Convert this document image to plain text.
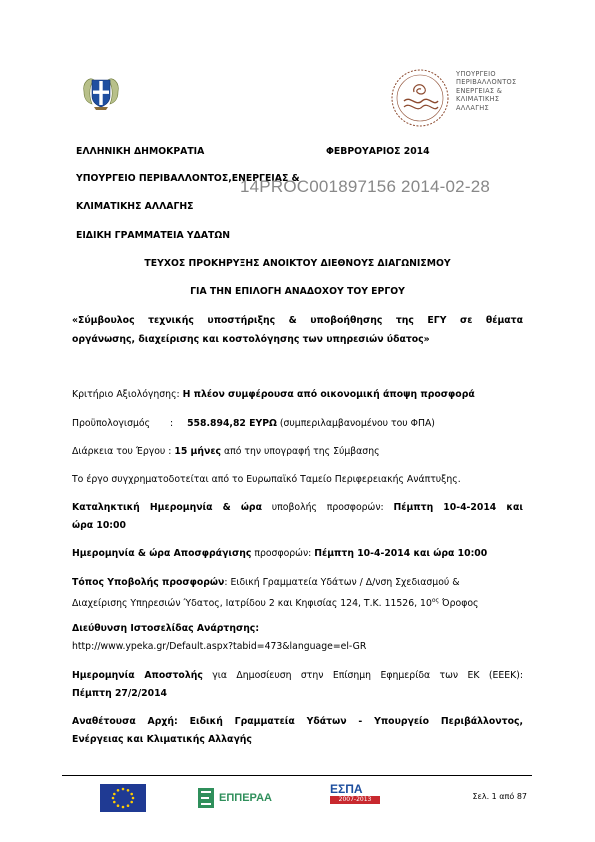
ΥΠΟΥΡΓΕΙΟ
ΠΕΡΙΒΑΛΛΟΝΤΟΣ
ΕΝΕΡΓΕΙΑΣ &
ΚΛΙΜΑΤΙΚΗΣ
ΑΛΛΑΓΗΣ
ΕΛΛΗΝΙΚΗ ΔΗΜΟΚΡΑΤΙΑ	ΦΕΒΡΟΥΑΡΙΟΣ 2014
ΥΠΟΥΡΓΕΙΟ ΠΕΡΙΒΑΛΛΟΝΤΟΣ,ΕΝΕΡΓΕΙΑΣ &
14PROC001897156 2014-02-28
ΚΛΙΜΑΤΙΚΗΣ ΑΛΛΑΓΗΣ
ΕΙΔΙΚΗ ΓΡΑΜΜΑΤΕΙΑ ΥΔΑΤΩΝ
ΤΕΥΧΟΣ ΠΡΟΚΗΡΥΞΗΣ ΑΝΟΙΚΤΟΥ ΔΙΕΘΝΟΥΣ ΔΙΑΓΩΝΙΣΜΟΥ
ΓΙΑ ΤΗΝ ΕΠΙΛΟΓΗ ΑΝΑΔΟΧΟΥ ΤΟΥ ΕΡΓΟΥ
«Σύμβουλος τεχνικής υποστήριξης & υποβοήθησης της ΕΓΥ σε θέματα
οργάνωσης, διαχείρισης και κοστολόγησης των υπηρεσιών ύδατος»
Κριτήριο Αξιολόγησης: Η πλέον συμφέρουσα από οικονομική άποψη προσφορά
Προϋπολογισμός : 558.894,82 ΕΥΡΩ (συμπεριλαμβανομένου του ΦΠΑ)
Διάρκεια του Έργου : 15 μήνες από την υπογραφή της Σύμβασης
Το έργο συγχρηματοδοτείται από το Ευρωπαϊκό Ταμείο Περιφερειακής Ανάπτυξης.
Καταληκτική Ημερομηνία & ώρα υποβολής προσφορών: Πέμπτη 10-4-2014 και
ώρα 10:00
Ημερομηνία & ώρα Αποσφράγισης προσφορών: Πέμπτη 10-4-2014 και ώρα 10:00
Τόπος Υποβολής προσφορών: Ειδική Γραμματεία Υδάτων / Δ/νση Σχεδιασμού &
Διαχείρισης Υπηρεσιών Ύδατος, Ιατρίδου 2 και Κηφισίας 124, Τ.Κ. 11526, $10^{o\varsigma}$ Όροφος
Διεύθυνση Ιστοσελίδας Ανάρτησης:
http://www.ypeka.gr/Default.aspx?tabid=473&language=el-GR
Ημερομηνία Αποστολής για Δημοσίευση στην Επίσημη Εφημερίδα των ΕΚ (ΕΕΕΚ):
Πέμπτη 27/2/2014
Αναθέτουσα Αρχή: Ειδική Γραμματεία Υδάτων - Υπουργείο Περιβάλλοντος,
Ενέργειας και Κλιματικής Αλλαγής
ΕΠΠΕΡΑΑ
ΕΣΠΑ
2007-2013	Σελ. 1 από 87
